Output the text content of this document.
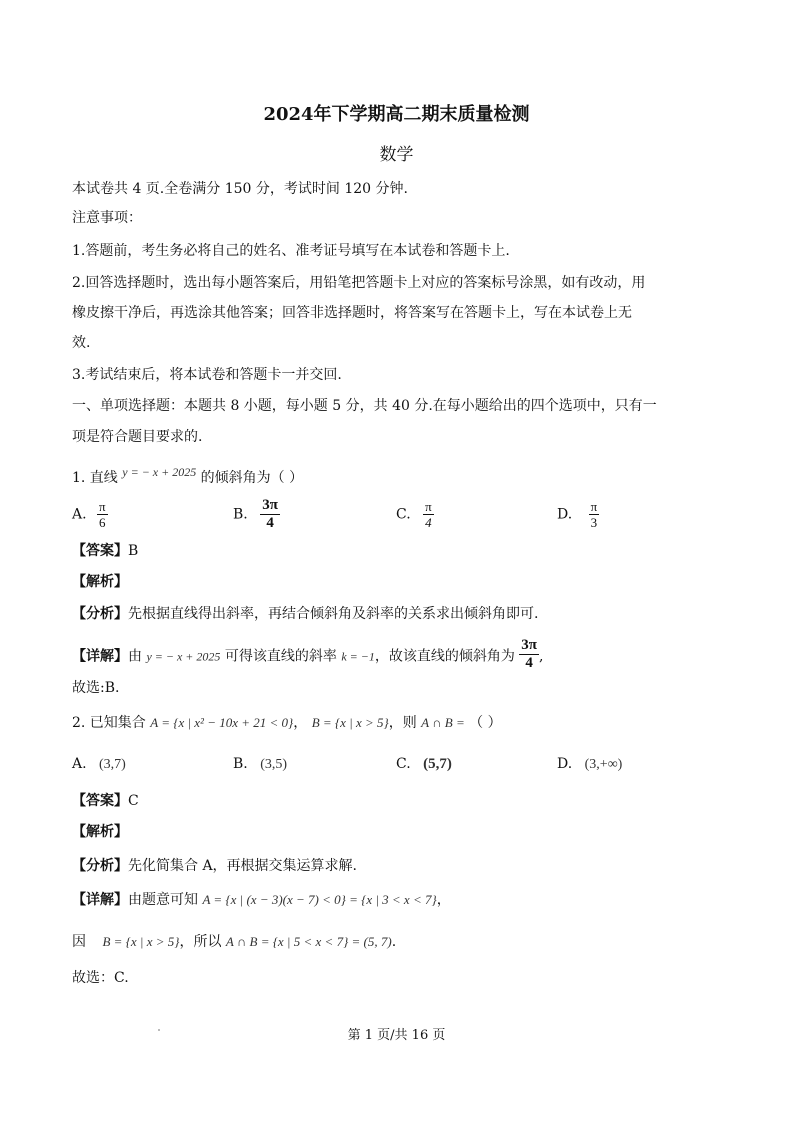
2024年下学期高二期末质量检测
数学
本试卷共 4 页.全卷满分 150 分，考试时间 120 分钟.
注意事项：
1.答题前，考生务必将自己的姓名、准考证号填写在本试卷和答题卡上.
2.回答选择题时，选出每小题答案后，用铅笔把答题卡上对应的答案标号涂黑，如有改动，用
橡皮擦干净后，再选涂其他答案；回答非选择题时，将答案写在答题卡上，写在本试卷上无
效.
3.考试结束后，将本试卷和答题卡一并交回.
一、单项选择题：本题共 8 小题，每小题 5 分，共 40 分.在每小题给出的四个选项中，只有一
项是符合题目要求的.
1. 直线 y = − x + 2025 的倾斜角为（ ）
A. $\frac{\pi}{6}$	B. $\frac{3\pi}{4}$	C. $\frac{\pi}{4}$	D. $\frac{\pi}{3}$
【答案】B
【解析】
【分析】先根据直线得出斜率，再结合倾斜角及斜率的关系求出倾斜角即可.
【详解】由 y = − x + 2025 可得该直线的斜率 k = −1，故该直线的倾斜角为 $\frac{3\pi}{4}$ ,
故选:B.
2. 已知集合 A = {x | x² − 10x + 21 < 0}， B = {x | x > 5}，则 A ∩ B = （ ）
A. (3,7)	B. (3,5)	C. (5,7)	D. (3,+∞)
【答案】C
【解析】
【分析】先化简集合 A，再根据交集运算求解.
【详解】由题意可知 A = {x | (x − 3)(x − 7) < 0} = {x | 3 < x < 7}，
因 B = {x | x > 5}，所以 A ∩ B = {x | 5 < x < 7} = (5, 7).
故选：C.
第 1 页/共 16 页
